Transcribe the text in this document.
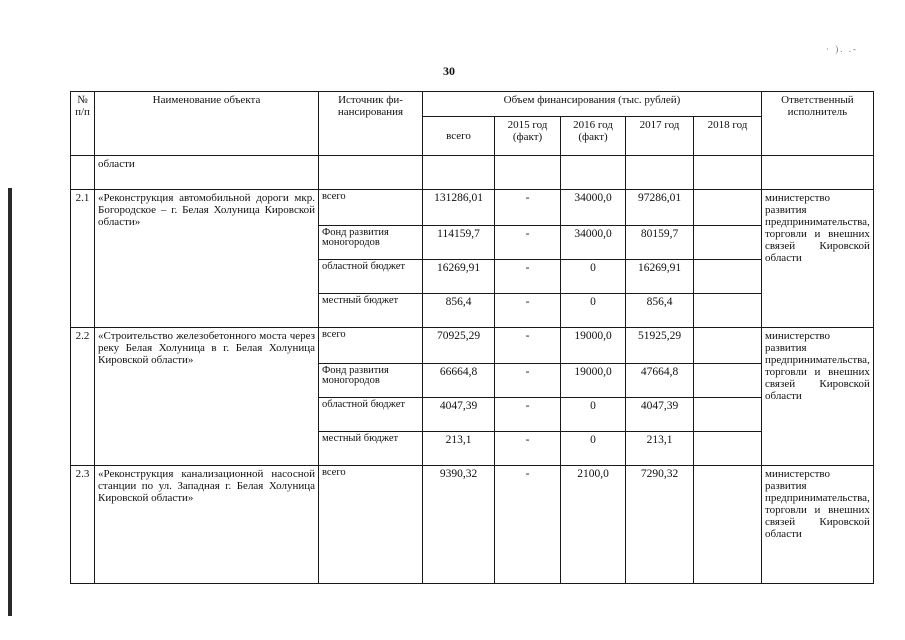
30
· ). .-
№ п/п	Наименование объекта	Источник фи-нансирования	Объем финансирования (тыс. рублей)					Ответственный исполнитель
			всего	2015 год (факт)	2016 год (факт)	2017 год	2018 год	
	области							
2.1	«Реконструкция автомобильной дороги мкр. Богородское – г. Белая Холуница Кировской области»	всего	131286,01	-	34000,0	97286,01		министерство развития предпринимательства, торговли и внешних связей Кировской области
		Фонд развития моногородов	114159,7	-	34000,0	80159,7		
		областной бюджет	16269,91	-	0	16269,91		
		местный бюджет	856,4	-	0	856,4		
2.2	«Строительство железобетонного моста через реку Белая Холуница в г. Белая Холуница Кировской области»	всего	70925,29	-	19000,0	51925,29		министерство развития предпринимательства, торговли и внешних связей Кировской области
		Фонд развития моногородов	66664,8	-	19000,0	47664,8		
		областной бюджет	4047,39	-	0	4047,39		
		местный бюджет	213,1	-	0	213,1		
2.3	«Реконструкция канализационной насосной станции по ул. Западная г. Белая Холуница Кировской области»	всего	9390,32	-	2100,0	7290,32		министерство развития предпринимательства, торговли и внешних связей Кировской области
